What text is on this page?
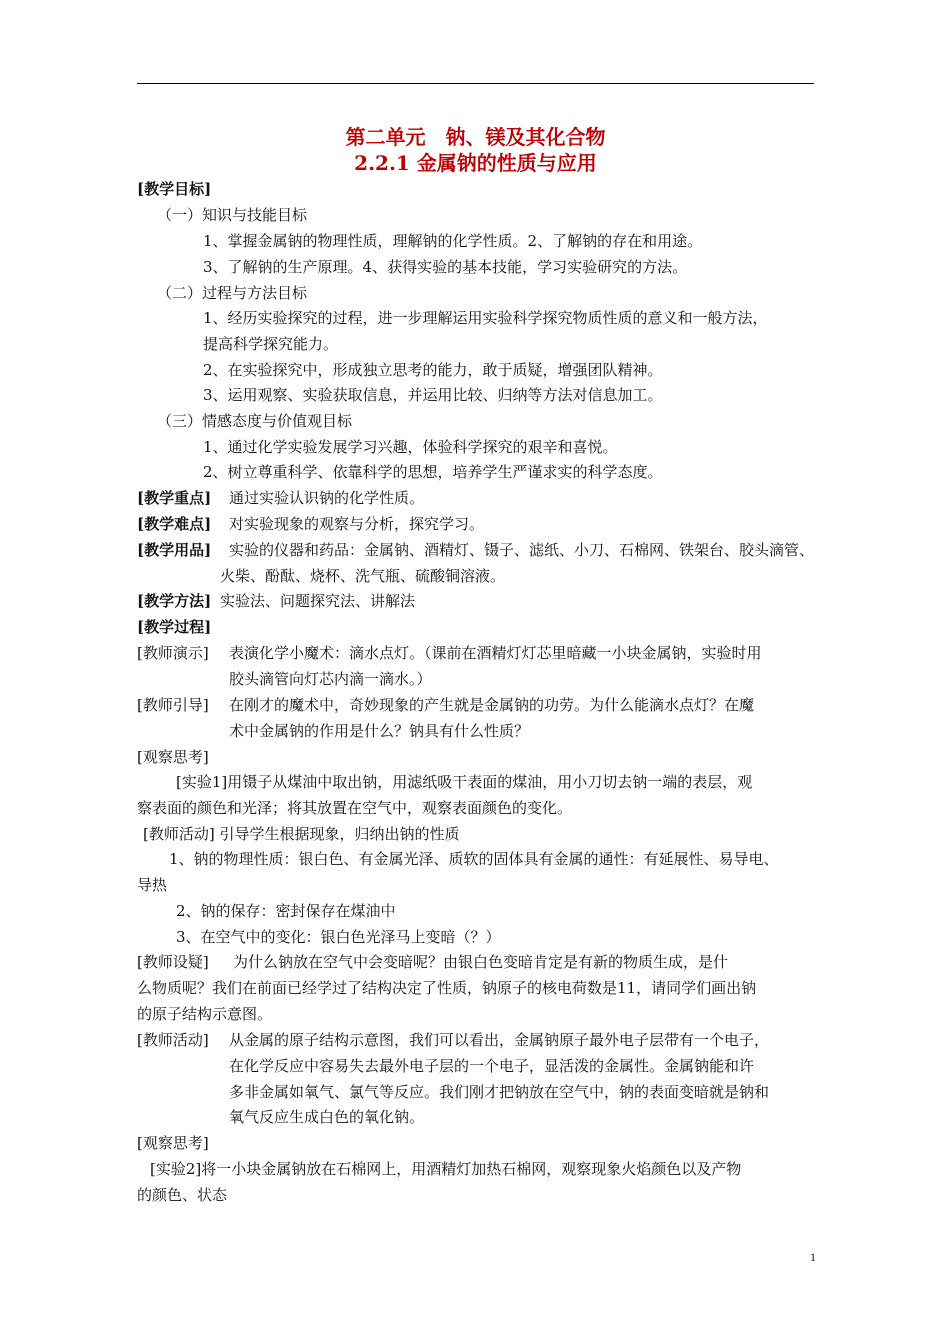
第二单元　钠、镁及其化合物
2.2.1 金属钠的性质与应用
[教学目标]
（一）知识与技能目标
1、掌握金属钠的物理性质，理解钠的化学性质。2、了解钠的存在和用途。
3、了解钠的生产原理。4、获得实验的基本技能，学习实验研究的方法。
（二）过程与方法目标
1、经历实验探究的过程，进一步理解运用实验科学探究物质性质的意义和一般方法，
提高科学探究能力。
2、在实验探究中，形成独立思考的能力，敢于质疑，增强团队精神。
3、运用观察、实验获取信息，并运用比较、归纳等方法对信息加工。
（三）情感态度与价值观目标
1、通过化学实验发展学习兴趣，体验科学探究的艰辛和喜悦。
2、树立尊重科学、依靠科学的思想，培养学生严谨求实的科学态度。
[教学重点] 通过实验认识钠的化学性质。
[教学难点] 对实验现象的观察与分析，探究学习。
[教学用品] 实验的仪器和药品：金属钠、酒精灯、镊子、滤纸、小刀、石棉网、铁架台、胶头滴管、
火柴、酚酞、烧杯、洗气瓶、硫酸铜溶液。
[教学方法] 实验法、问题探究法、讲解法
[教学过程]
[教师演示] 表演化学小魔术：滴水点灯。（课前在酒精灯灯芯里暗藏一小块金属钠，实验时用
胶头滴管向灯芯内滴一滴水。）
[教师引导] 在刚才的魔术中，奇妙现象的产生就是金属钠的功劳。为什么能滴水点灯？在魔
术中金属钠的作用是什么？钠具有什么性质？
[观察思考]
[实验1]用镊子从煤油中取出钠，用滤纸吸干表面的煤油，用小刀切去钠一端的表层，观
察表面的颜色和光泽；将其放置在空气中，观察表面颜色的变化。
[教师活动] 引导学生根据现象，归纳出钠的性质
1、钠的物理性质：银白色、有金属光泽、质软的固体具有金属的通性：有延展性、易导电、
导热
2、钠的保存：密封保存在煤油中
3、在空气中的变化：银白色光泽马上变暗（？）
[教师设疑] 为什么钠放在空气中会变暗呢？由银白色变暗肯定是有新的物质生成，是什
么物质呢？我们在前面已经学过了结构决定了性质，钠原子的核电荷数是11，请同学们画出钠
的原子结构示意图。
[教师活动] 从金属的原子结构示意图，我们可以看出，金属钠原子最外电子层带有一个电子，
在化学反应中容易失去最外电子层的一个电子，显活泼的金属性。金属钠能和许
多非金属如氧气、氯气等反应。我们刚才把钠放在空气中，钠的表面变暗就是钠和
氧气反应生成白色的氧化钠。
[观察思考]
[实验2]将一小块金属钠放在石棉网上，用酒精灯加热石棉网，观察现象火焰颜色以及产物
的颜色、状态
1
